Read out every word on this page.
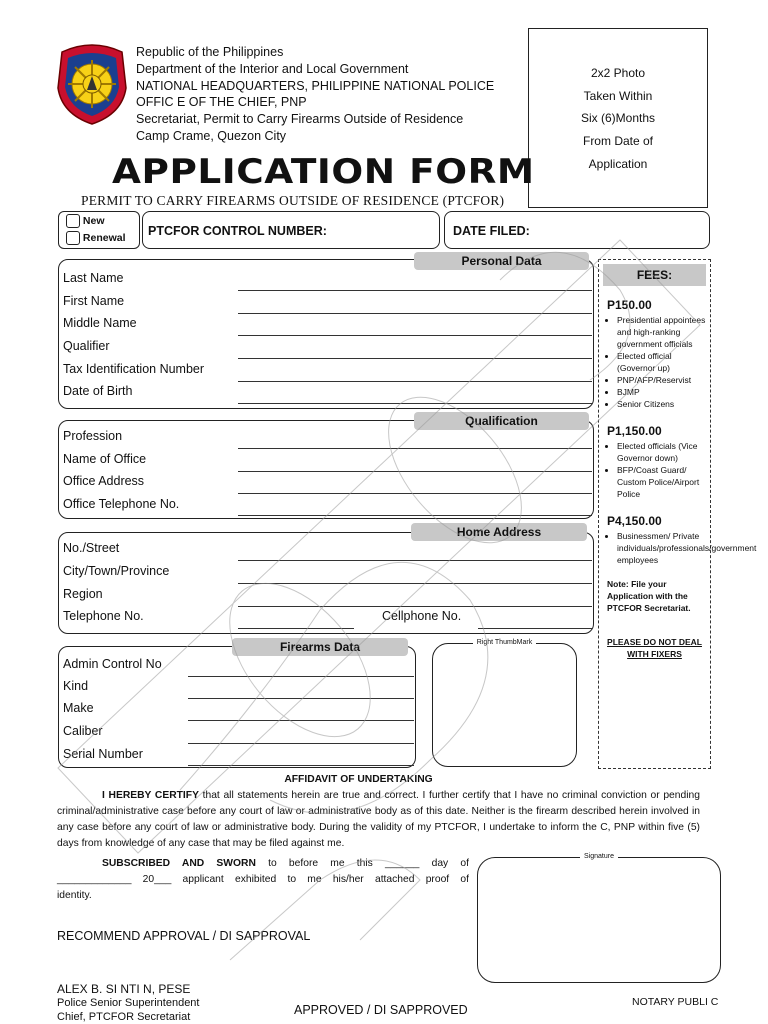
Republic of the Philippines
Department of the Interior and Local Government
NATIONAL HEADQUARTERS, PHILIPPINE NATIONAL POLICE
OFFIC E OF THE CHIEF, PNP
Secretariat, Permit to Carry Firearms Outside of Residence
Camp Crame, Quezon City
2x2 Photo
Taken Within
Six (6)Months
From Date of
Application
APPLICATION FORM
PERMIT TO CARRY FIREARMS OUTSIDE OF RESIDENCE (PTCFOR)
New
Renewal PTCFOR CONTROL NUMBER:	DATE FILED:
Personal Data
Last Name
First Name
Middle Name
Qualifier
Tax Identification Number
Date of Birth
Qualification
Profession
Name of Office
Office Address
Office Telephone No.
Home Address
No./Street
City/Town/Province
Region
Telephone No.	Cellphone No.
Firearms Data
Admin Control No
Kind
Make
Caliber
Serial Number
Right ThumbMark
FEES:
P150.00
• Presidential appointees and high-ranking government officials
• Elected official (Governor up)
• PNP/AFP/Reservist
• BJMP
• Senior Citizens
P1,150.00
• Elected officials (Vice Governor down)
• BFP/Coast Guard/ Custom Police/Airport Police
P4,150.00
• Businessmen/ Private individuals/professionals/government employees
Note: File your Application with the PTCFOR Secretariat.
PLEASE DO NOT DEAL WITH FIXERS
AFFIDAVIT OF UNDERTAKING
I HEREBY CERTIFY that all statements herein are true and correct. I further certify that I have no criminal conviction or pending criminal/administrative case before any court of law or administrative body as of this date. Neither is the firearm described herein involved in any case before any court of law or administrative body. During the validity of my PTCFOR, I undertake to inform the C, PNP within five (5) days from knowledge of any case that may be filed against me.
SUBSCRIBED AND SWORN to before me this ______ day of
_____________ 20___ applicant exhibited to me his/her attached proof of
identity.
Signature
RECOMMEND APPROVAL / DI SAPPROVAL
ALEX B. SI NTI N, PESE
Police Senior Superintendent
Chief, PTCFOR Secretariat	APPROVED / DI SAPPROVED
NOTARY PUBLI C
